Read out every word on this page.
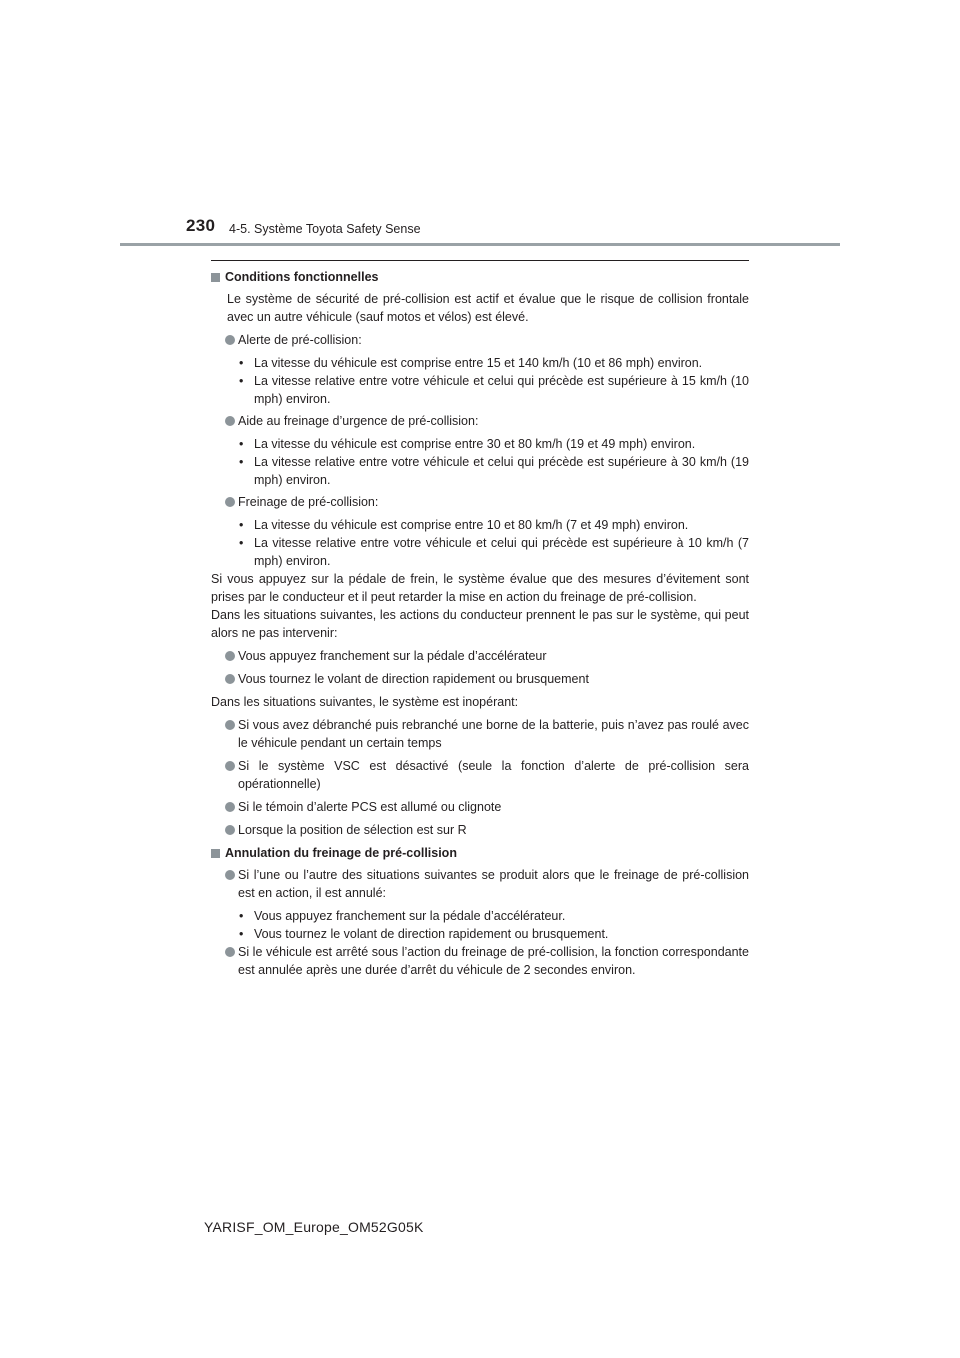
230 4-5. Système Toyota Safety Sense

Conditions fonctionnelles

Le système de sécurité de pré-collision est actif et évalue que le risque de collision frontale avec un autre véhicule (sauf motos et vélos) est élevé.

Alerte de pré-collision:

• La vitesse du véhicule est comprise entre 15 et 140 km/h (10 et 86 mph) environ.

• La vitesse relative entre votre véhicule et celui qui précède est supérieure à 15 km/h (10 mph) environ.

Aide au freinage d’urgence de pré-collision:

• La vitesse du véhicule est comprise entre 30 et 80 km/h (19 et 49 mph) environ.

• La vitesse relative entre votre véhicule et celui qui précède est supérieure à 30 km/h (19 mph) environ.

Freinage de pré-collision:

• La vitesse du véhicule est comprise entre 10 et 80 km/h (7 et 49 mph) environ.

• La vitesse relative entre votre véhicule et celui qui précède est supérieure à 10 km/h (7 mph) environ.

Si vous appuyez sur la pédale de frein, le système évalue que des mesures d’évitement sont prises par le conducteur et il peut retarder la mise en action du freinage de pré-collision.

Dans les situations suivantes, les actions du conducteur prennent le pas sur le système, qui peut alors ne pas intervenir:

Vous appuyez franchement sur la pédale d’accélérateur

Vous tournez le volant de direction rapidement ou brusquement

Dans les situations suivantes, le système est inopérant:

Si vous avez débranché puis rebranché une borne de la batterie, puis n’avez pas roulé avec le véhicule pendant un certain temps

Si le système VSC est désactivé (seule la fonction d’alerte de pré-collision sera opérationnelle)

Si le témoin d’alerte PCS est allumé ou clignote

Lorsque la position de sélection est sur R

Annulation du freinage de pré-collision

Si l’une ou l’autre des situations suivantes se produit alors que le freinage de pré-collision est en action, il est annulé:

• Vous appuyez franchement sur la pédale d’accélérateur.

• Vous tournez le volant de direction rapidement ou brusquement.

Si le véhicule est arrêté sous l’action du freinage de pré-collision, la fonction correspondante est annulée après une durée d’arrêt du véhicule de 2 secondes environ.

YARISF_OM_Europe_OM52G05K
